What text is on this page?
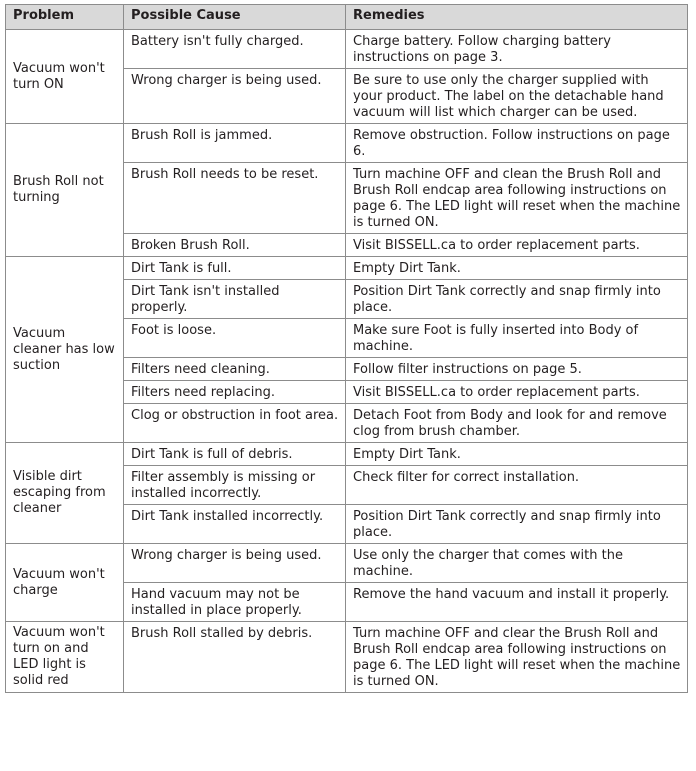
Problem	Possible Cause	Remedies
Vacuum won't turn ON	Battery isn't fully charged.	Charge battery. Follow charging battery instructions on page 3.
	Wrong charger is being used.	Be sure to use only the charger supplied with your product. The label on the detachable hand vacuum will list which charger can be used.
Brush Roll not turning	Brush Roll is jammed.	Remove obstruction. Follow instructions on page 6.
	Brush Roll needs to be reset.	Turn machine OFF and clean the Brush Roll and Brush Roll endcap area following instructions on page 6. The LED light will reset when the machine is turned ON.
	Broken Brush Roll.	Visit BISSELL.ca to order replacement parts.
Vacuum cleaner has low suction	Dirt Tank is full.	Empty Dirt Tank.
	Dirt Tank isn't installed properly.	Position Dirt Tank correctly and snap firmly into place.
	Foot is loose.	Make sure Foot is fully inserted into Body of machine.
	Filters need cleaning.	Follow filter instructions on page 5.
	Filters need replacing.	Visit BISSELL.ca to order replacement parts.
	Clog or obstruction in foot area.	Detach Foot from Body and look for and remove clog from brush chamber.
Visible dirt escaping from cleaner	Dirt Tank is full of debris.	Empty Dirt Tank.
	Filter assembly is missing or installed incorrectly.	Check filter for correct installation.
	Dirt Tank installed incorrectly.	Position Dirt Tank correctly and snap firmly into place.
Vacuum won't charge	Wrong charger is being used.	Use only the charger that comes with the machine.
	Hand vacuum may not be installed in place properly.	Remove the hand vacuum and install it properly.
Vacuum won't turn on and LED light is solid red	Brush Roll stalled by debris.	Turn machine OFF and clear the Brush Roll and Brush Roll endcap area following instructions on page 6. The LED light will reset when the machine is turned ON.
